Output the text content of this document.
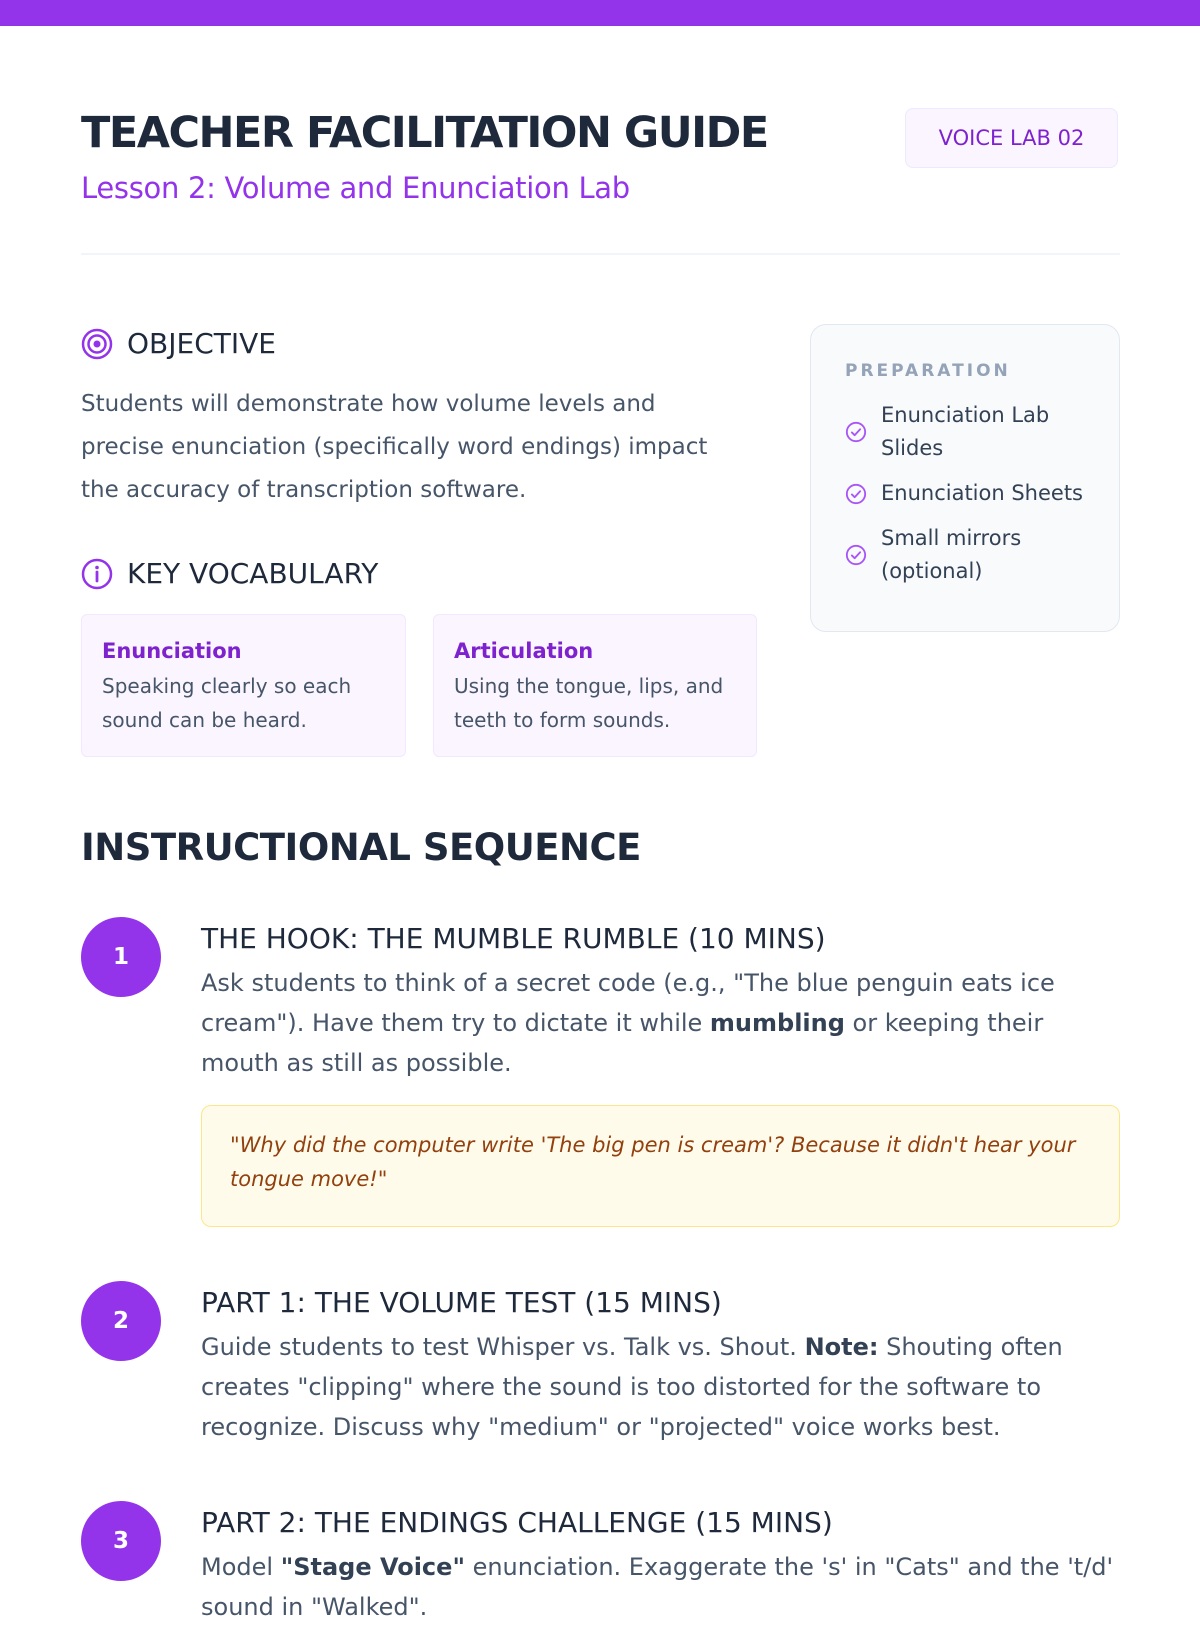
TEACHER FACILITATION GUIDE
Lesson 2: Volume and Enunciation Lab
VOICE LAB 02
OBJECTIVE

Students will demonstrate how volume levels and precise enunciation (specifically word endings) impact the accuracy of transcription software.

KEY VOCABULARY
Enunciation
Speaking clearly so each sound can be heard.
Articulation
Using the tongue, lips, and teeth to form sounds.
PREPARATION
Enunciation Lab Slides
Enunciation Sheets
Small mirrors (optional)
INSTRUCTIONAL SEQUENCE
1
THE HOOK: THE MUMBLE RUMBLE (10 MINS)
Ask students to think of a secret code (e.g., "The blue penguin eats ice cream"). Have them try to dictate it while mumbling or keeping their mouth as still as possible.
"Why did the computer write 'The big pen is cream'? Because it didn't hear your tongue move!"
2
PART 1: THE VOLUME TEST (15 MINS)
Guide students to test Whisper vs. Talk vs. Shout. Note: Shouting often creates "clipping" where the sound is too distorted for the software to recognize. Discuss why "medium" or "projected" voice works best.
3
PART 2: THE ENDINGS CHALLENGE (15 MINS)
Model "Stage Voice" enunciation. Exaggerate the 's' in "Cats" and the 't/d' sound in "Walked".
